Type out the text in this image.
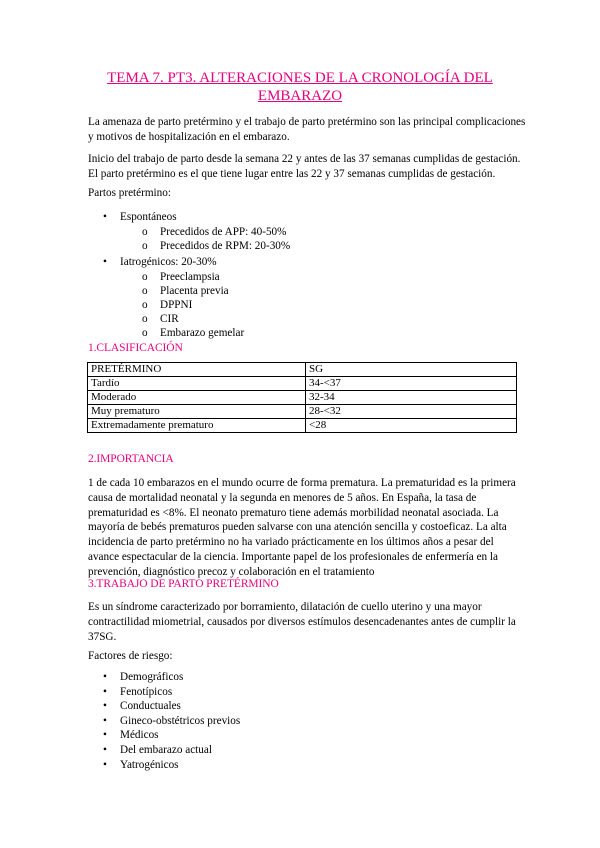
TEMA 7. PT3. ALTERACIONES DE LA CRONOLOGÍA DEL EMBARAZO

La amenaza de parto pretérmino y el trabajo de parto pretérmino son las principal complicaciones y motivos de hospitalización en el embarazo.

Inicio del trabajo de parto desde la semana 22 y antes de las 37 semanas cumplidas de gestación. El parto pretérmino es el que tiene lugar entre las 22 y 37 semanas cumplidas de gestación.

Partos pretérmino:

• Espontáneos
o Precedidos de APP: 40-50%
o Precedidos de RPM: 20-30%
• Iatrogénicos: 20-30%
o Preeclampsia
o Placenta previa
o DPPNI
o CIR
o Embarazo gemelar

1.CLASIFICACIÓN

PRETÉRMINO	SG
Tardío	34-<37
Moderado	32-34
Muy prematuro	28-<32
Extremadamente prematuro	<28

2.IMPORTANCIA

1 de cada 10 embarazos en el mundo ocurre de forma prematura. La prematuridad es la primera causa de mortalidad neonatal y la segunda en menores de 5 años. En España, la tasa de prematuridad es <8%. El neonato prematuro tiene además morbilidad neonatal asociada. La mayoría de bebés prematuros pueden salvarse con una atención sencilla y costoeficaz. La alta incidencia de parto pretérmino no ha variado prácticamente en los últimos años a pesar del avance espectacular de la ciencia. Importante papel de los profesionales de enfermería en la prevención, diagnóstico precoz y colaboración en el tratamiento

3.TRABAJO DE PARTO PRETÉRMINO

Es un síndrome caracterizado por borramiento, dilatación de cuello uterino y una mayor contractilidad miometrial, causados por diversos estímulos desencadenantes antes de cumplir la 37SG.

Factores de riesgo:

• Demográficos
• Fenotípicos
• Conductuales
• Gineco-obstétricos previos
• Médicos
• Del embarazo actual
• Yatrogénicos
